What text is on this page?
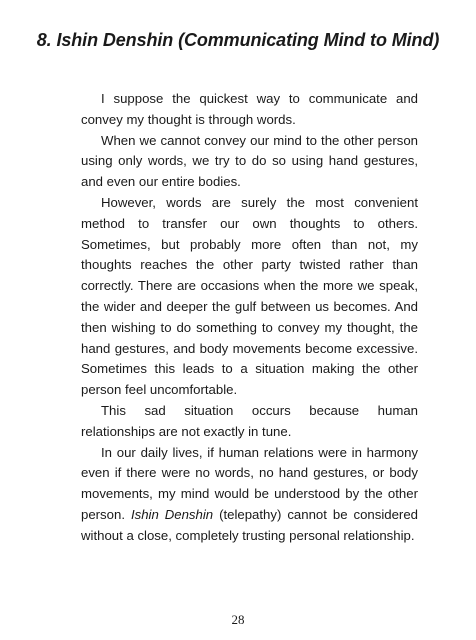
8. Ishin Denshin (Communicating Mind to Mind)

I suppose the quickest way to communicate and convey my thought is through words.

When we cannot convey our mind to the other person using only words, we try to do so using hand gestures, and even our entire bodies.

However, words are surely the most convenient method to transfer our own thoughts to others. Sometimes, but probably more often than not, my thoughts reaches the other party twisted rather than correctly. There are occasions when the more we speak, the wider and deeper the gulf between us becomes. And then wishing to do something to convey my thought, the hand gestures, and body movements become excessive. Sometimes this leads to a situation making the other person feel uncomfortable.

This sad situation occurs because human relationships are not exactly in tune.

In our daily lives, if human relations were in harmony even if there were no words, no hand gestures, or body movements, my mind would be understood by the other person. Ishin Denshin (telepathy) cannot be considered without a close, completely trusting personal relationship.

28
